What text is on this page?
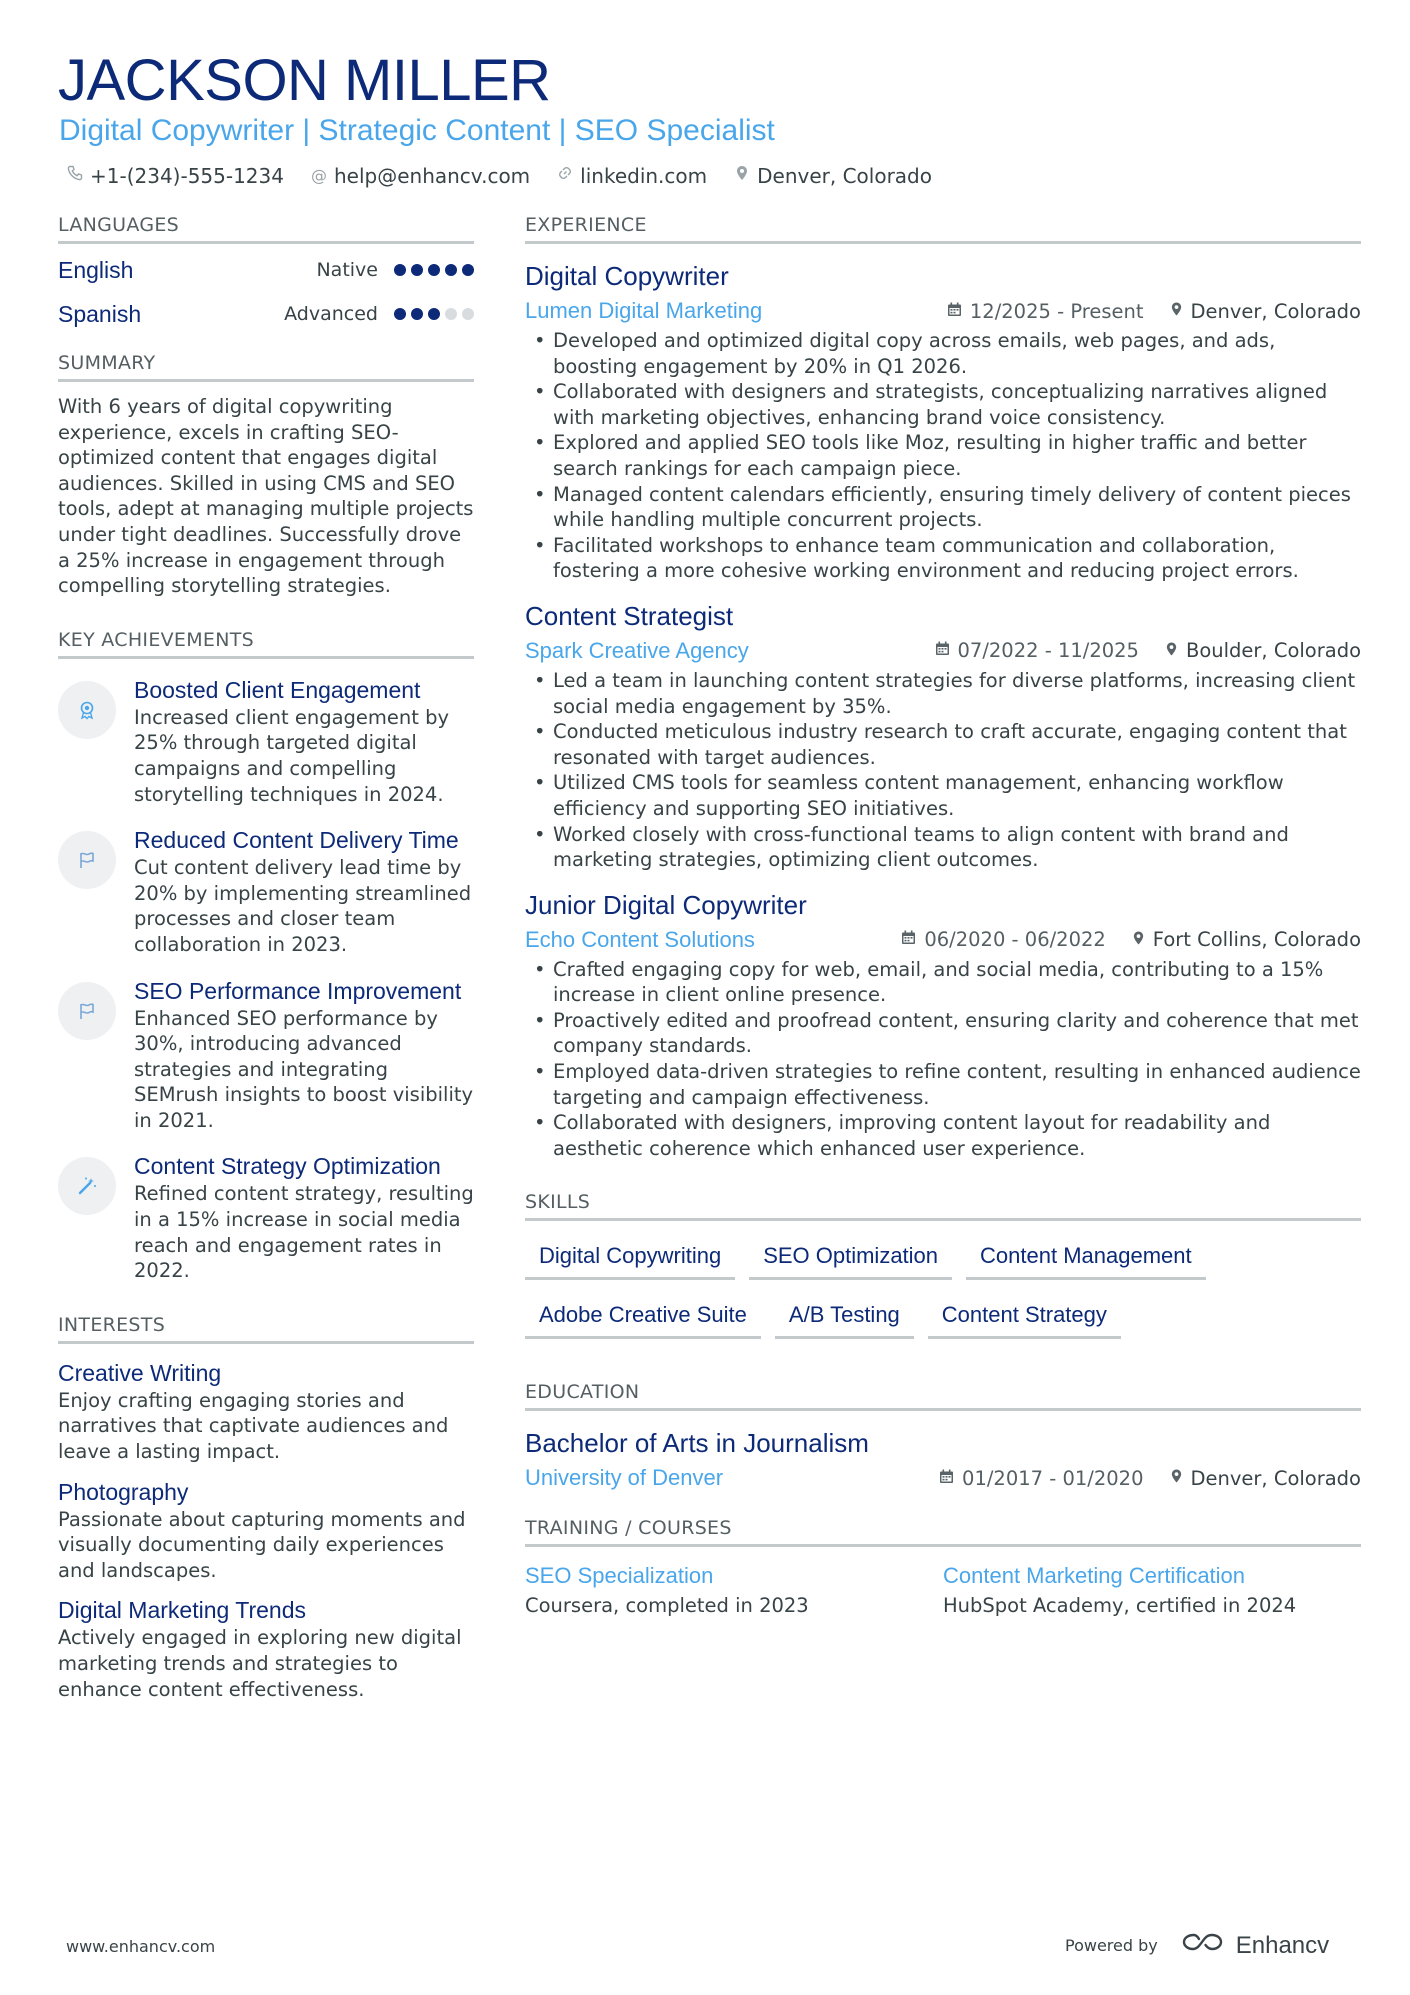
JACKSON MILLER
Digital Copywriter | Strategic Content | SEO Specialist
+1-(234)-555-1234 @ help@enhancv.com	linkedin.com	Denver, Colorado
LANGUAGES
English	Native
Spanish	Advanced
SUMMARY
With 6 years of digital copywriting experience, excels in crafting SEO-optimized content that engages digital audiences. Skilled in using CMS and SEO tools, adept at managing multiple projects under tight deadlines. Successfully drove a 25% increase in engagement through compelling storytelling strategies.
KEY ACHIEVEMENTS
Boosted Client Engagement
Increased client engagement by 25% through targeted digital campaigns and compelling storytelling techniques in 2024.
Reduced Content Delivery Time
Cut content delivery lead time by 20% by implementing streamlined processes and closer team collaboration in 2023.
SEO Performance Improvement
Enhanced SEO performance by 30%, introducing advanced strategies and integrating SEMrush insights to boost visibility in 2021.
Content Strategy Optimization
Refined content strategy, resulting in a 15% increase in social media reach and engagement rates in 2022.
INTERESTS
Creative Writing
Enjoy crafting engaging stories and narratives that captivate audiences and leave a lasting impact.
Photography
Passionate about capturing moments and visually documenting daily experiences and landscapes.
Digital Marketing Trends
Actively engaged in exploring new digital marketing trends and strategies to enhance content effectiveness.
EXPERIENCE
Digital Copywriter
Lumen Digital Marketing	12/2025 - Present Denver, Colorado
• Developed and optimized digital copy across emails, web pages, and ads, boosting engagement by 20% in Q1 2026.
• Collaborated with designers and strategists, conceptualizing narratives aligned with marketing objectives, enhancing brand voice consistency.
• Explored and applied SEO tools like Moz, resulting in higher traffic and better search rankings for each campaign piece.
• Managed content calendars efficiently, ensuring timely delivery of content pieces while handling multiple concurrent projects.
• Facilitated workshops to enhance team communication and collaboration, fostering a more cohesive working environment and reducing project errors.
Content Strategist
Spark Creative Agency	07/2022 - 11/2025 Boulder, Colorado
• Led a team in launching content strategies for diverse platforms, increasing client social media engagement by 35%.
• Conducted meticulous industry research to craft accurate, engaging content that resonated with target audiences.
• Utilized CMS tools for seamless content management, enhancing workflow efficiency and supporting SEO initiatives.
• Worked closely with cross-functional teams to align content with brand and marketing strategies, optimizing client outcomes.
Junior Digital Copywriter
Echo Content Solutions	06/2020 - 06/2022 Fort Collins, Colorado
• Crafted engaging copy for web, email, and social media, contributing to a 15% increase in client online presence.
• Proactively edited and proofread content, ensuring clarity and coherence that met company standards.
• Employed data-driven strategies to refine content, resulting in enhanced audience targeting and campaign effectiveness.
• Collaborated with designers, improving content layout for readability and aesthetic coherence which enhanced user experience.
SKILLS
Digital Copywriting	SEO Optimization	Content Management
Adobe Creative Suite	A/B Testing	Content Strategy
EDUCATION
Bachelor of Arts in Journalism
University of Denver	01/2017 - 01/2020 Denver, Colorado
TRAINING / COURSES
SEO Specialization
Coursera, completed in 2023
Content Marketing Certification
HubSpot Academy, certified in 2024
www.enhancv.com	Powered by	Enhancv
